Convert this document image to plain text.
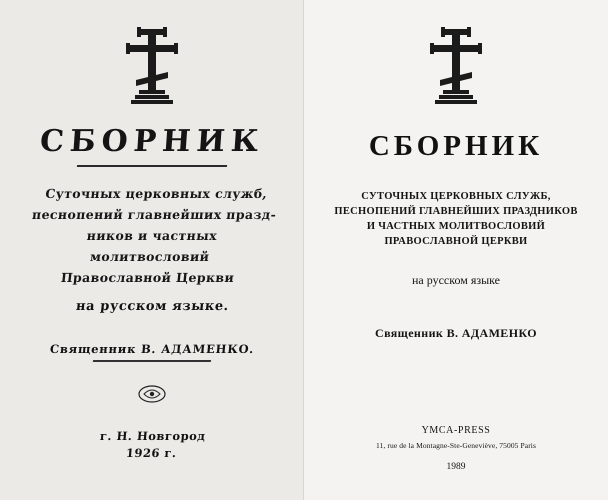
СБОРНИК
Суточных церковных служб,
песнопений главнейших празд-
ников и частных молитвословий
Православной Церкви
на русском языке.
Священник В. АДАМЕНКО.
г. Н. Новгород
1926 г.
СБОРНИК
СУТОЧНЫХ ЦЕРКОВНЫХ СЛУЖБ,
ПЕСНОПЕНИЙ ГЛАВНЕЙШИХ ПРАЗДНИКОВ
И ЧАСТНЫХ МОЛИТВОСЛОВИЙ
ПРАВОСЛАВНОЙ ЦЕРКВИ
на русском языке
Священник В. АДАМЕНКО
YMCA-PRESS
11, rue de la Montagne-Ste-Geneviève, 75005 Paris
1989
